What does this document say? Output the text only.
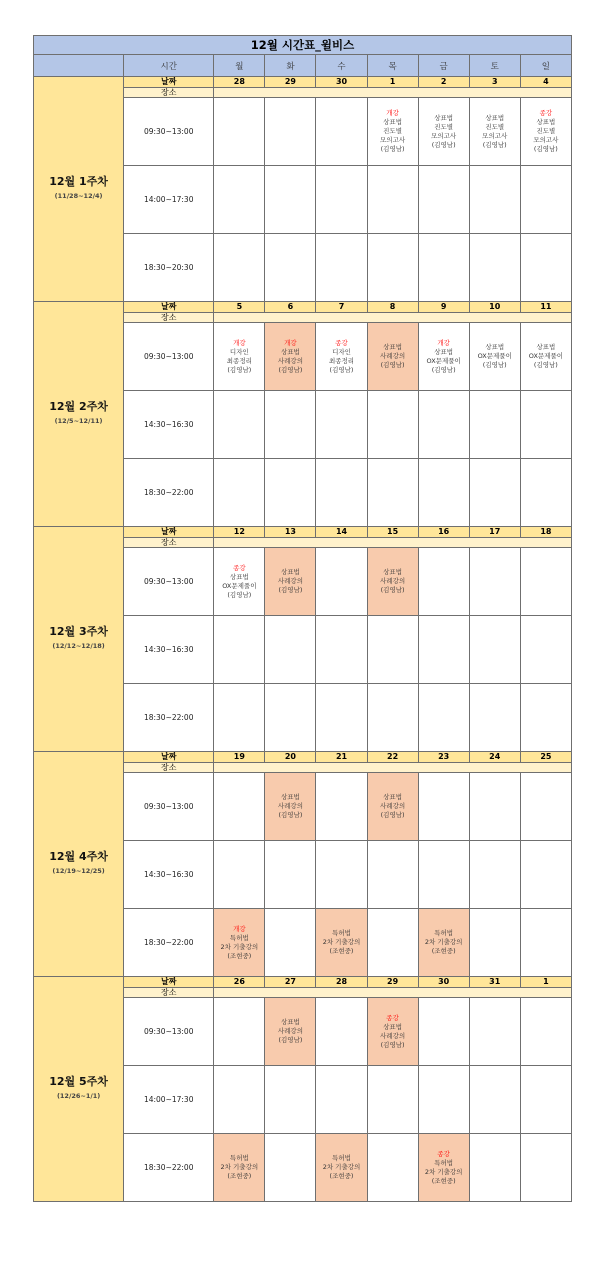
12월 시간표_윌비스								
	시간	월	화	수	목	금	토	일

12월 1주차
(11/28~12/4)	날짜	28	29	30	1	2	3	4
	장소							
	09:30~13:00				개강
상표법
진도별
모의고사
(김영남)	상표법
진도별
모의고사
(김영남)	상표법
진도별
모의고사
(김영남)	종강
상표법
진도별
모의고사
(김영남)

	14:00~17:30							
	18:30~20:30							

12월 2주차
(12/5~12/11)	날짜	5	6	7	8	9	10	11
	장소							
	09:30~13:00	개강
디자인
최종정리
(김영남)	개강
상표법
사례강의
(김영남)	종강
디자인
최종정리
(김영남)	상표법
사례강의
(김영남)	개강
상표법
OX문제풀이
(김영남)	상표법
OX문제풀이
(김영남)	상표법
OX문제풀이
(김영남)

	14:30~16:30							
	18:30~22:00							

12월 3주차
(12/12~12/18)	날짜	12	13	14	15	16	17	18
	장소							
	09:30~13:00	종강
상표법
OX문제풀이
(김영남)	상표법
사례강의
(김영남)		상표법
사례강의
(김영남)			

	14:30~16:30							
	18:30~22:00							

12월 4주차
(12/19~12/25)	날짜	19	20	21	22	23	24	25
	장소							
	09:30~13:00		상표법
사례강의
(김영남)		상표법
사례강의
(김영남)			

	14:30~16:30							
	18:30~22:00	개강
특허법
2차 기출강의
(조현중)		특허법
2차 기출강의
(조현중)		특허법
2차 기출강의
(조현중)		

12월 5주차
(12/26~1/1)	날짜	26	27	28	29	30	31	1
	장소							
	09:30~13:00		상표법
사례강의
(김영남)		종강
상표법
사례강의
(김영남)			

	14:00~17:30							
	18:30~22:00	특허법
2차 기출강의
(조현중)		특허법
2차 기출강의
(조현중)		종강
특허법
2차 기출강의
(조현중)		
